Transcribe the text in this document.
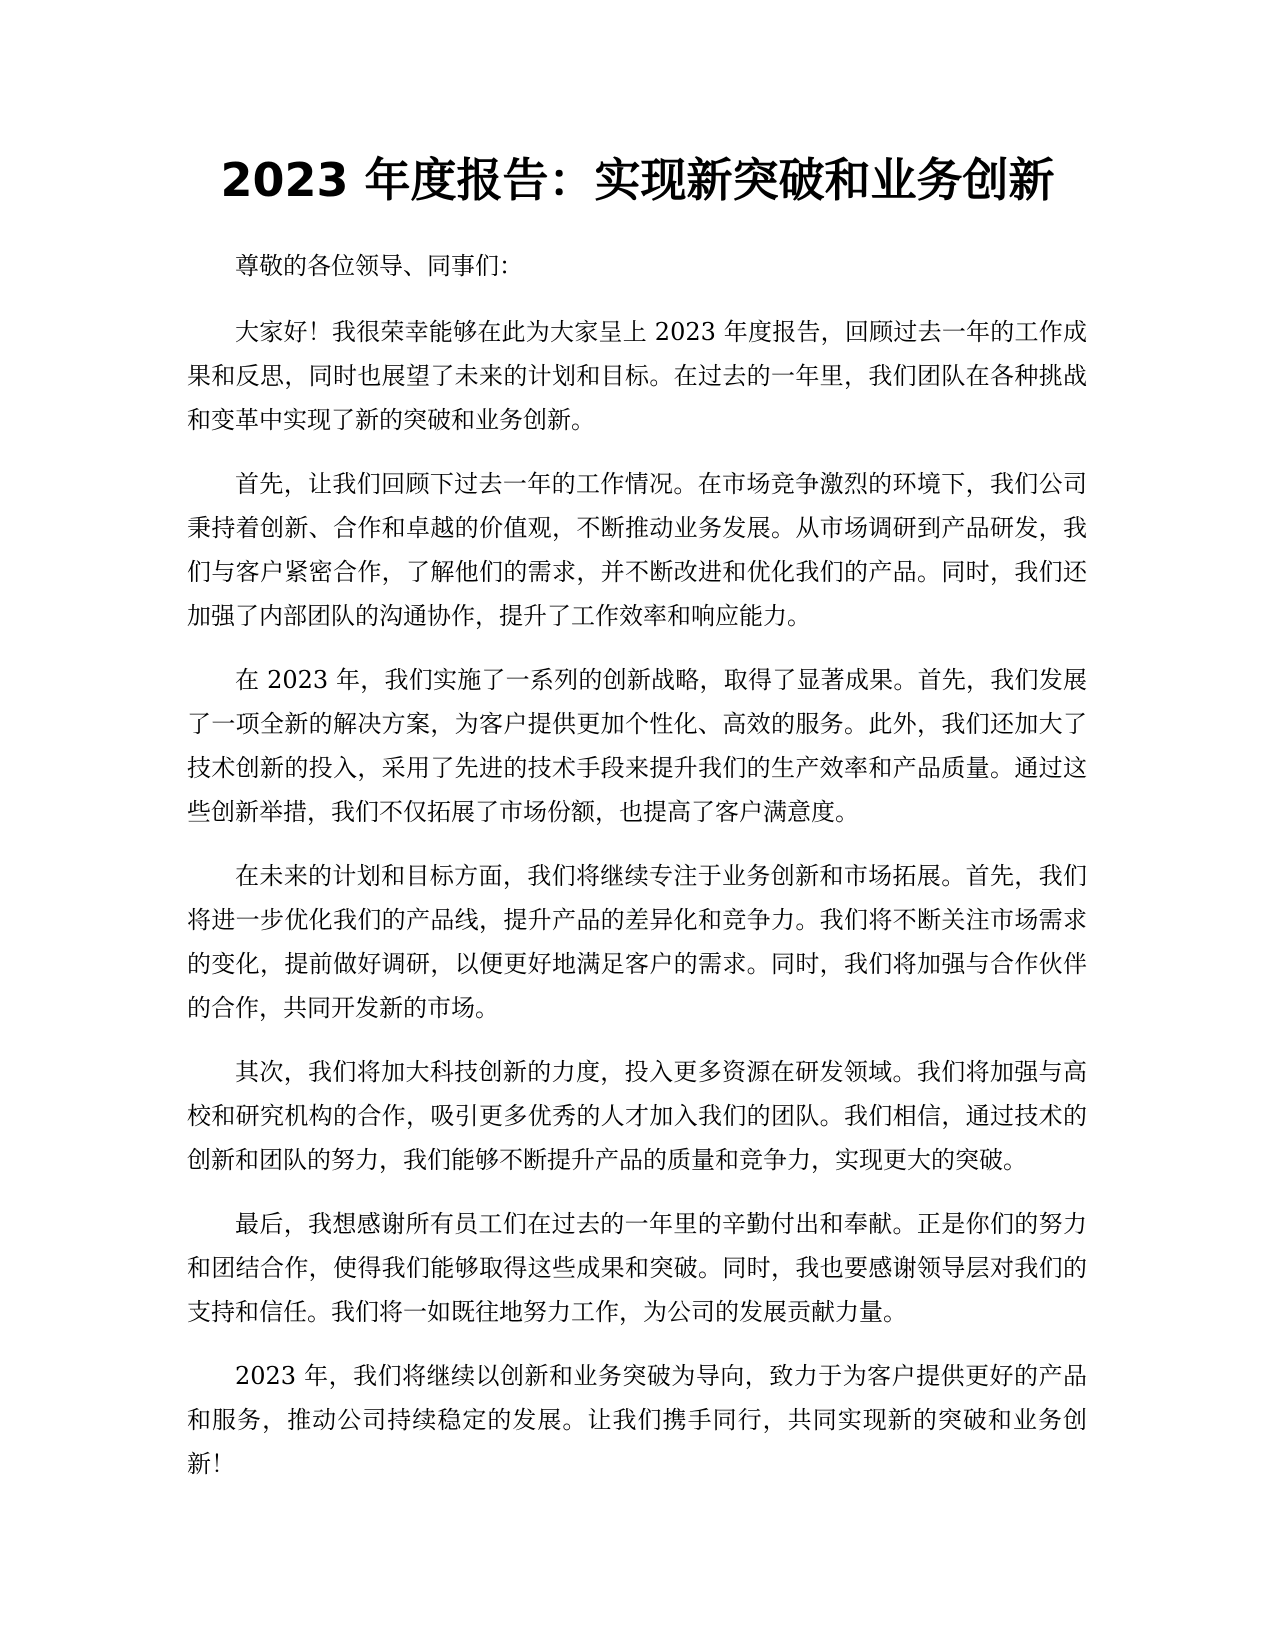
2023 年度报告：实现新突破和业务创新

尊敬的各位领导、同事们：

大家好！我很荣幸能够在此为大家呈上 2023 年度报告，回顾过去一年的工作成果和反思，同时也展望了未来的计划和目标。在过去的一年里，我们团队在各种挑战和变革中实现了新的突破和业务创新。

首先，让我们回顾下过去一年的工作情况。在市场竞争激烈的环境下，我们公司秉持着创新、合作和卓越的价值观，不断推动业务发展。从市场调研到产品研发，我们与客户紧密合作，了解他们的需求，并不断改进和优化我们的产品。同时，我们还加强了内部团队的沟通协作，提升了工作效率和响应能力。

在 2023 年，我们实施了一系列的创新战略，取得了显著成果。首先，我们发展了一项全新的解决方案，为客户提供更加个性化、高效的服务。此外，我们还加大了技术创新的投入，采用了先进的技术手段来提升我们的生产效率和产品质量。通过这些创新举措，我们不仅拓展了市场份额，也提高了客户满意度。

在未来的计划和目标方面，我们将继续专注于业务创新和市场拓展。首先，我们将进一步优化我们的产品线，提升产品的差异化和竞争力。我们将不断关注市场需求的变化，提前做好调研，以便更好地满足客户的需求。同时，我们将加强与合作伙伴的合作，共同开发新的市场。

其次，我们将加大科技创新的力度，投入更多资源在研发领域。我们将加强与高校和研究机构的合作，吸引更多优秀的人才加入我们的团队。我们相信，通过技术的创新和团队的努力，我们能够不断提升产品的质量和竞争力，实现更大的突破。

最后，我想感谢所有员工们在过去的一年里的辛勤付出和奉献。正是你们的努力和团结合作，使得我们能够取得这些成果和突破。同时，我也要感谢领导层对我们的支持和信任。我们将一如既往地努力工作，为公司的发展贡献力量。

2023 年，我们将继续以创新和业务突破为导向，致力于为客户提供更好的产品和服务，推动公司持续稳定的发展。让我们携手同行，共同实现新的突破和业务创新！
